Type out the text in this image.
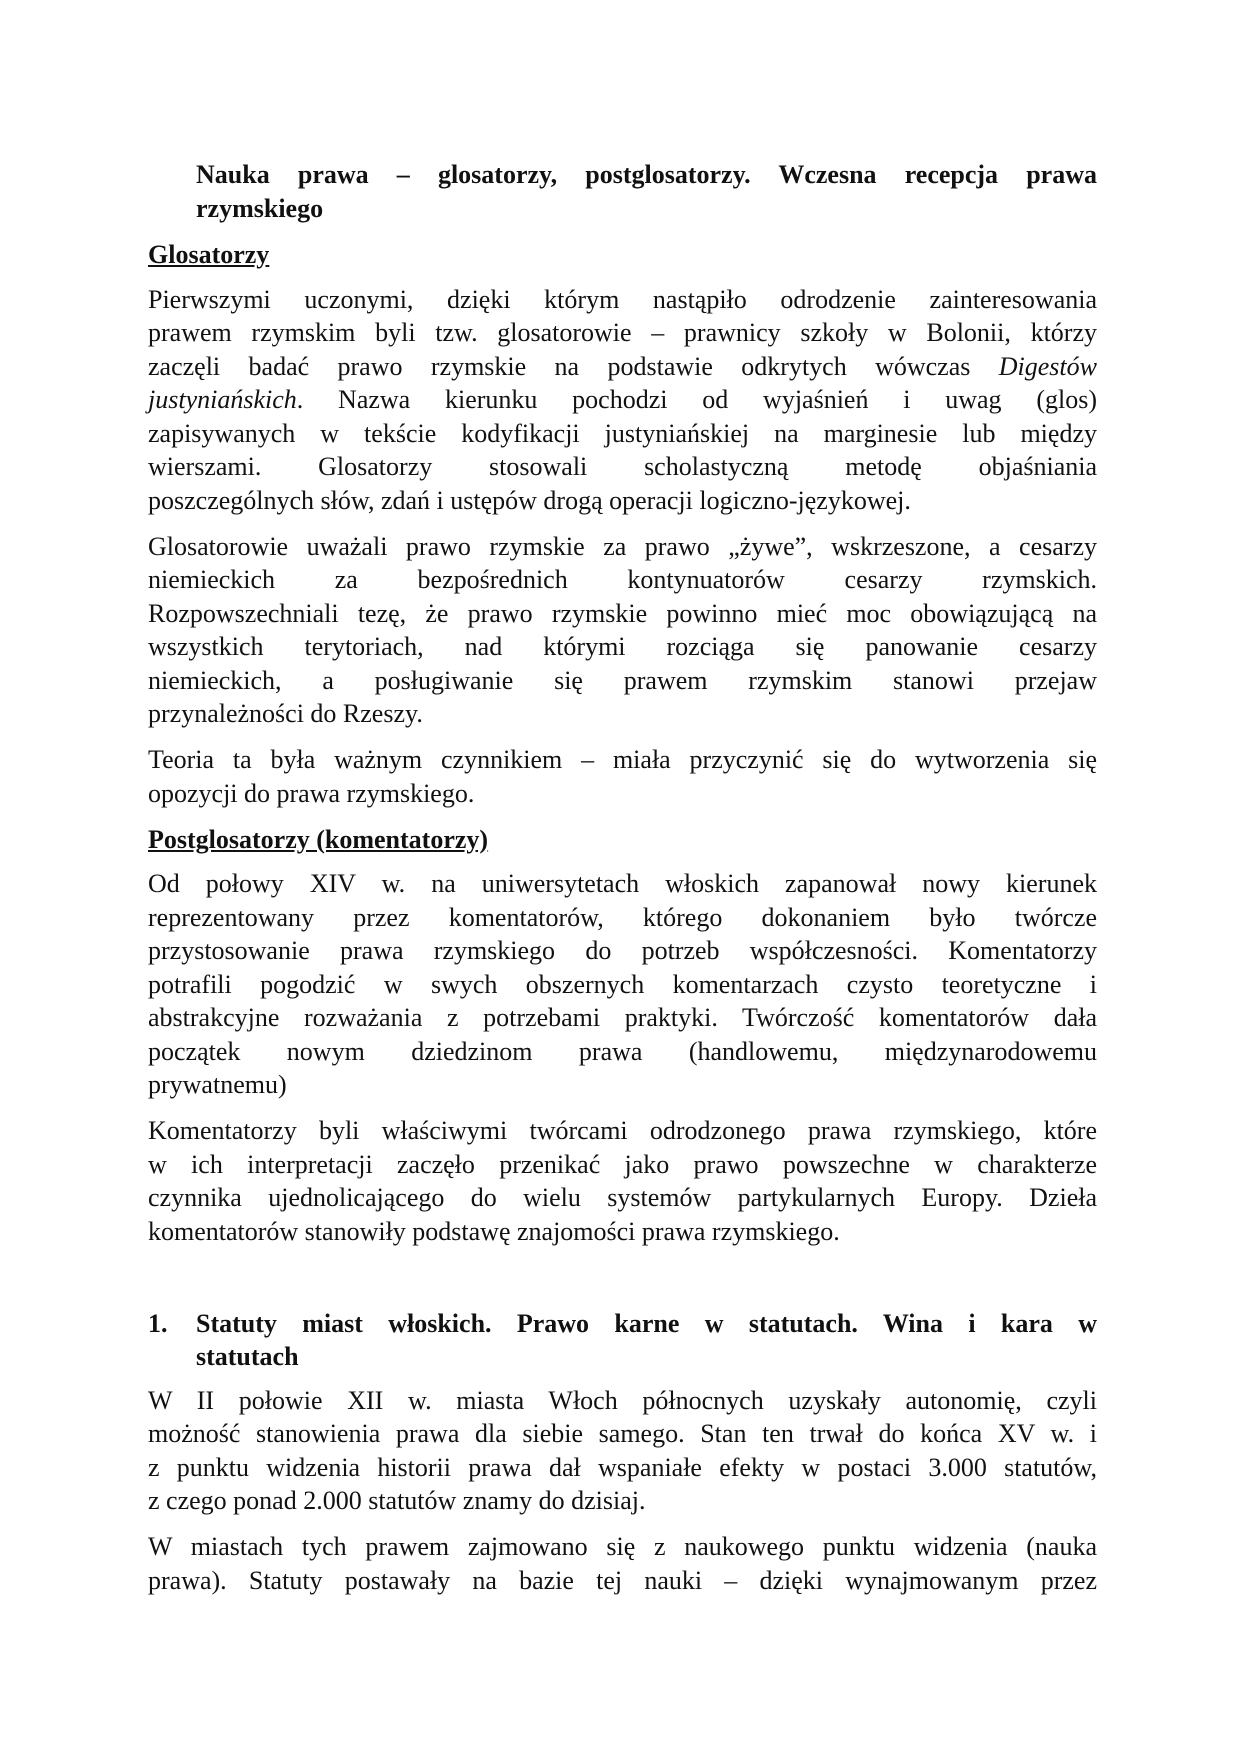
Nauka prawa – glosatorzy, postglosatorzy. Wczesna recepcja prawa
rzymskiego
Glosatorzy
Pierwszymi uczonymi, dzięki którym nastąpiło odrodzenie zainteresowania
prawem rzymskim byli tzw. glosatorowie – prawnicy szkoły w Bolonii, którzy
zaczęli badać prawo rzymskie na podstawie odkrytych wówczas Digestów
justyniańskich. Nazwa kierunku pochodzi od wyjaśnień i uwag (glos)
zapisywanych w tekście kodyfikacji justyniańskiej na marginesie lub między
wierszami. Glosatorzy stosowali scholastyczną metodę objaśniania
poszczególnych słów, zdań i ustępów drogą operacji logiczno-językowej.
Glosatorowie uważali prawo rzymskie za prawo „żywe”, wskrzeszone, a cesarzy
niemieckich za bezpośrednich kontynuatorów cesarzy rzymskich.
Rozpowszechniali tezę, że prawo rzymskie powinno mieć moc obowiązującą na
wszystkich terytoriach, nad którymi rozciąga się panowanie cesarzy
niemieckich, a posługiwanie się prawem rzymskim stanowi przejaw
przynależności do Rzeszy.
Teoria ta była ważnym czynnikiem – miała przyczynić się do wytworzenia się
opozycji do prawa rzymskiego.
Postglosatorzy (komentatorzy)
Od połowy XIV w. na uniwersytetach włoskich zapanował nowy kierunek
reprezentowany przez komentatorów, którego dokonaniem było twórcze
przystosowanie prawa rzymskiego do potrzeb współczesności. Komentatorzy
potrafili pogodzić w swych obszernych komentarzach czysto teoretyczne i
abstrakcyjne rozważania z potrzebami praktyki. Twórczość komentatorów dała
początek nowym dziedzinom prawa (handlowemu, międzynarodowemu
prywatnemu)
Komentatorzy byli właściwymi twórcami odrodzonego prawa rzymskiego, które
w ich interpretacji zaczęło przenikać jako prawo powszechne w charakterze
czynnika ujednolicającego do wielu systemów partykularnych Europy. Dzieła
komentatorów stanowiły podstawę znajomości prawa rzymskiego.
1. Statuty miast włoskich. Prawo karne w statutach. Wina i kara w
statutach
W II połowie XII w. miasta Włoch północnych uzyskały autonomię, czyli
możność stanowienia prawa dla siebie samego. Stan ten trwał do końca XV w. i
z punktu widzenia historii prawa dał wspaniałe efekty w postaci 3.000 statutów,
z czego ponad 2.000 statutów znamy do dzisiaj.
W miastach tych prawem zajmowano się z naukowego punktu widzenia (nauka
prawa). Statuty postawały na bazie tej nauki – dzięki wynajmowanym przez
